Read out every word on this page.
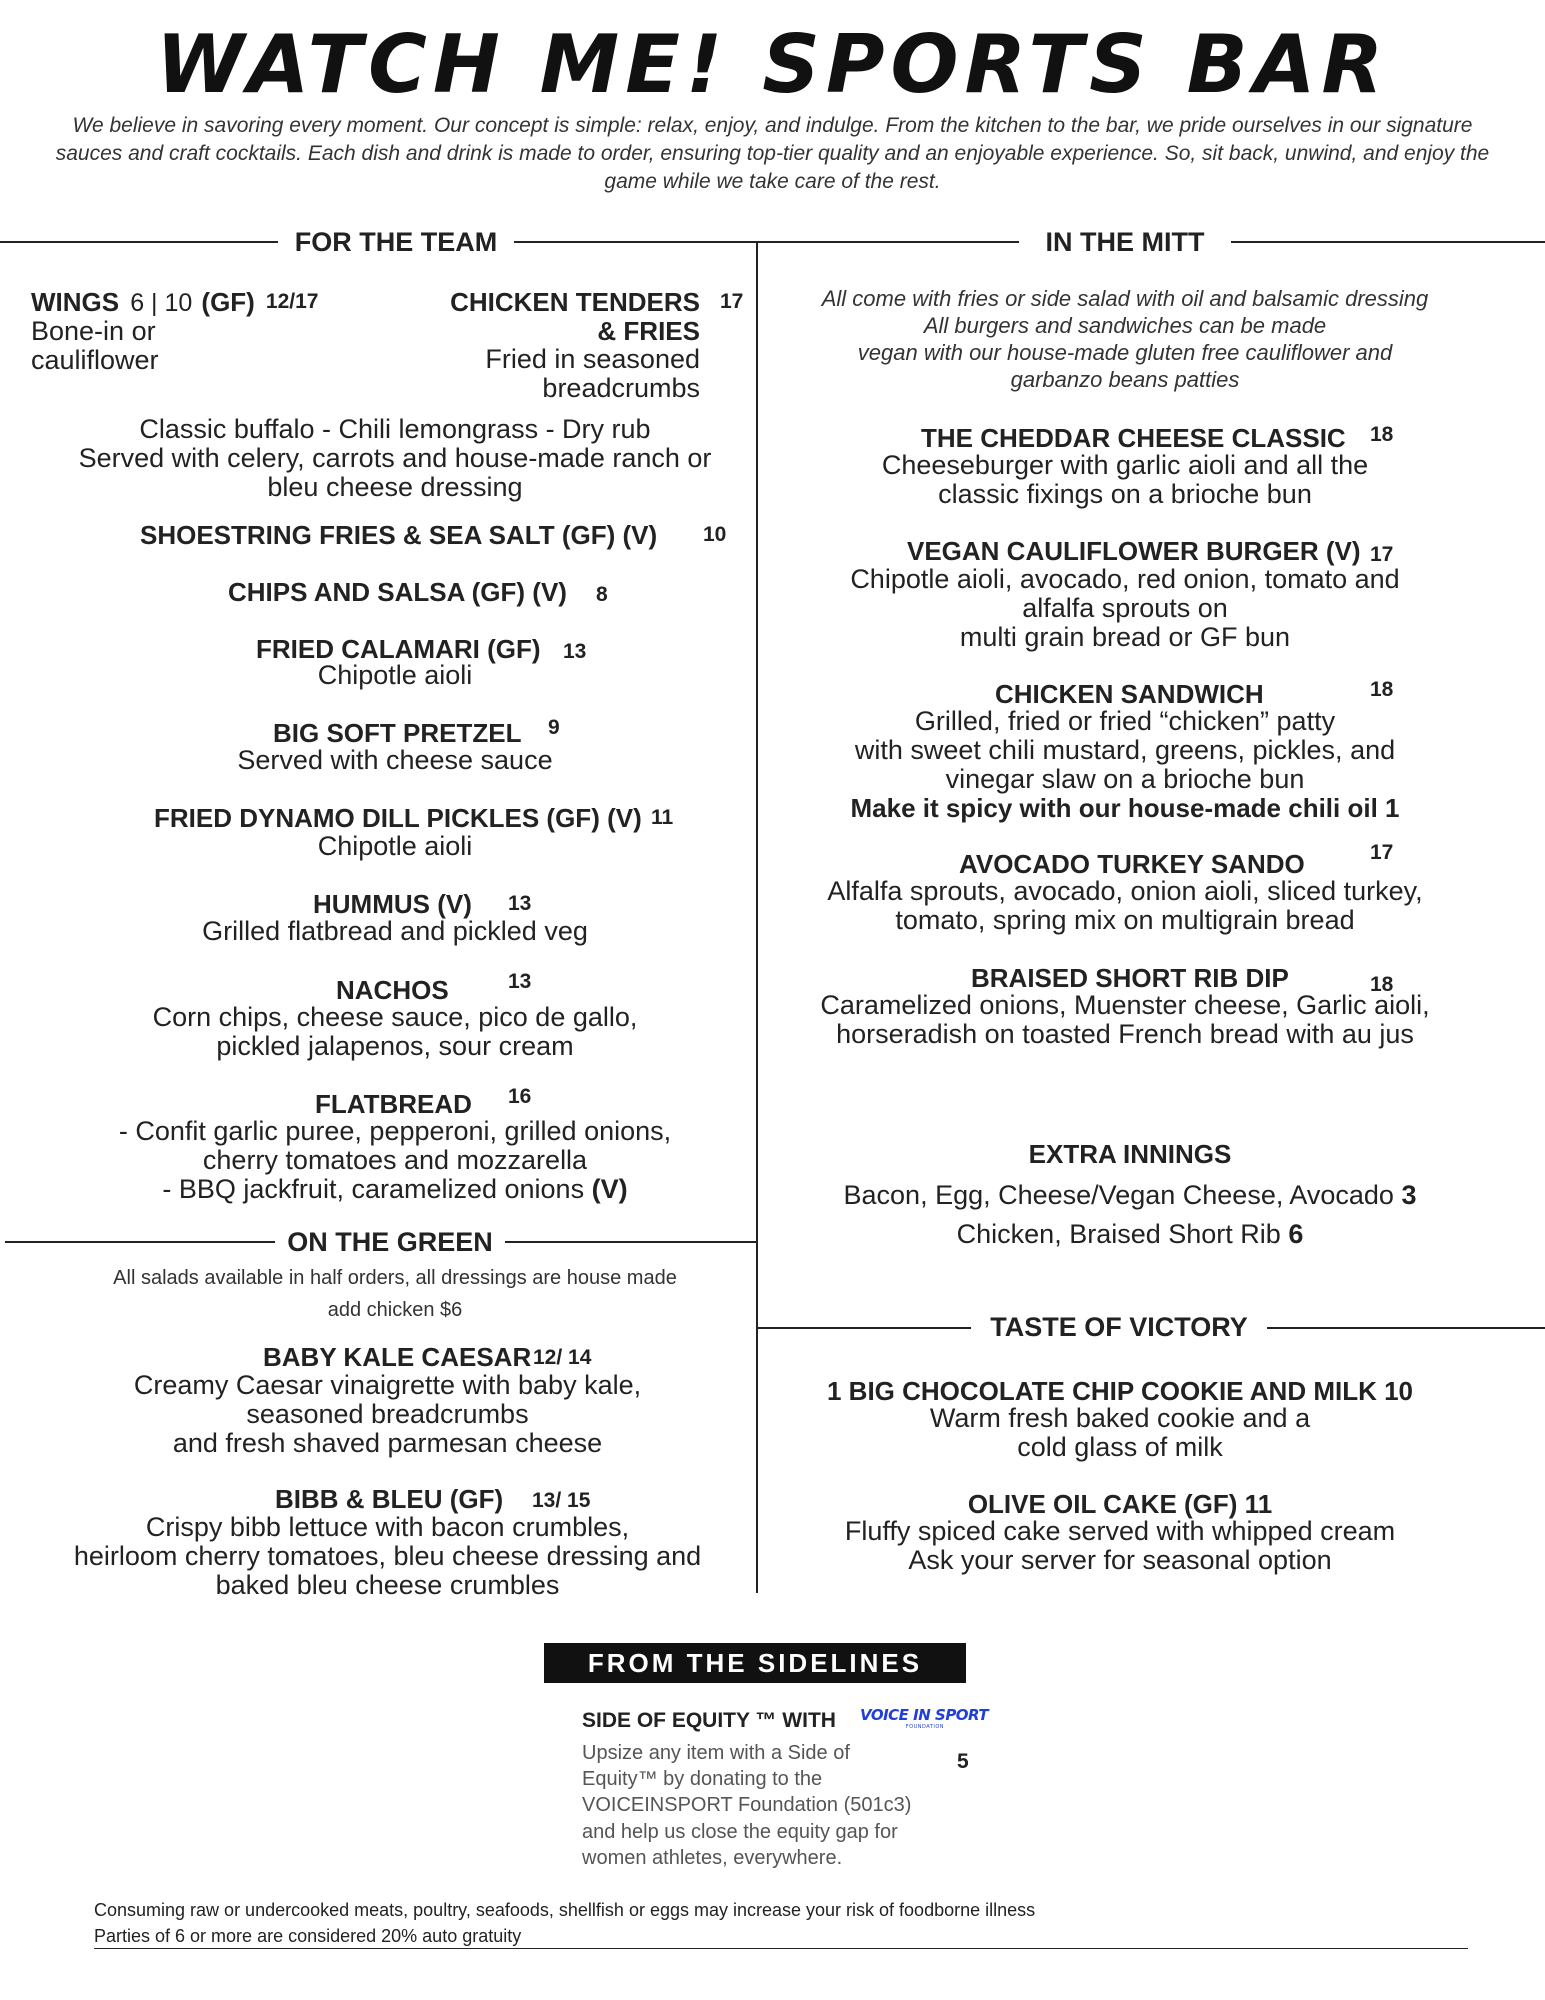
WATCH ME! SPORTS BAR
We believe in savoring every moment. Our concept is simple: relax, enjoy, and indulge. From the kitchen to the bar, we pride ourselves in our signature sauces and craft cocktails. Each dish and drink is made to order, ensuring top-tier quality and an enjoyable experience. So, sit back, unwind, and enjoy the game while we take care of the rest.
FOR THE TEAM	IN THE MITT
WINGS 6 | 10 (GF) 12/17
Bone-in or
cauliflower
CHICKEN TENDERS 17
& FRIES
Fried in seasoned
breadcrumbs
Classic buffalo - Chili lemongrass - Dry rub
Served with celery, carrots and house-made ranch or
bleu cheese dressing
SHOESTRING FRIES & SEA SALT (GF) (V) 10
CHIPS AND SALSA (GF) (V) 8
FRIED CALAMARI (GF) 13
Chipotle aioli
BIG SOFT PRETZEL 9
Served with cheese sauce
FRIED DYNAMO DILL PICKLES (GF) (V) 11
Chipotle aioli
HUMMUS (V) 13
Grilled flatbread and pickled veg
NACHOS	13
Corn chips, cheese sauce, pico de gallo,
pickled jalapenos, sour cream
FLATBREAD 16
- Confit garlic puree, pepperoni, grilled onions,
cherry tomatoes and mozzarella
- BBQ jackfruit, caramelized onions (V)
ON THE GREEN
All salads available in half orders, all dressings are house made
add chicken $6
BABY KALE CAESAR 12/ 14
Creamy Caesar vinaigrette with baby kale,
seasoned breadcrumbs
and fresh shaved parmesan cheese
BIBB & BLEU (GF) 13/ 15
Crispy bibb lettuce with bacon crumbles,
heirloom cherry tomatoes, bleu cheese dressing and
baked bleu cheese crumbles
All come with fries or side salad with oil and balsamic dressing
All burgers and sandwiches can be made
vegan with our house-made gluten free cauliflower and
garbanzo beans patties
THE CHEDDAR CHEESE CLASSIC 18
Cheeseburger with garlic aioli and all the
classic fixings on a brioche bun
VEGAN CAULIFLOWER BURGER (V) 17
Chipotle aioli, avocado, red onion, tomato and
alfalfa sprouts on
multi grain bread or GF bun
CHICKEN SANDWICH	18
Grilled, fried or fried “chicken” patty
with sweet chili mustard, greens, pickles, and
vinegar slaw on a brioche bun
Make it spicy with our house-made chili oil 1
AVOCADO TURKEY SANDO	17
Alfalfa sprouts, avocado, onion aioli, sliced turkey,
tomato, spring mix on multigrain bread
BRAISED SHORT RIB DIP	18
Caramelized onions, Muenster cheese, Garlic aioli,
horseradish on toasted French bread with au jus
EXTRA INNINGS
Bacon, Egg, Cheese/Vegan Cheese, Avocado 3
Chicken, Braised Short Rib 6
TASTE OF VICTORY
1 BIG CHOCOLATE CHIP COOKIE AND MILK 10
Warm fresh baked cookie and a
cold glass of milk
OLIVE OIL CAKE (GF) 11
Fluffy spiced cake served with whipped cream
Ask your server for seasonal option
FROM THE SIDELINES
SIDE OF EQUITY ™ WITH VOICE IN SPORT
FOUNDATION
Upsize any item with a Side of
Equity™ by donating to the
VOICEINSPORT Foundation (501c3)
and help us close the equity gap for
women athletes, everywhere.
5
Consuming raw or undercooked meats, poultry, seafoods, shellfish or eggs may increase your risk of foodborne illness
Parties of 6 or more are considered 20% auto gratuity
